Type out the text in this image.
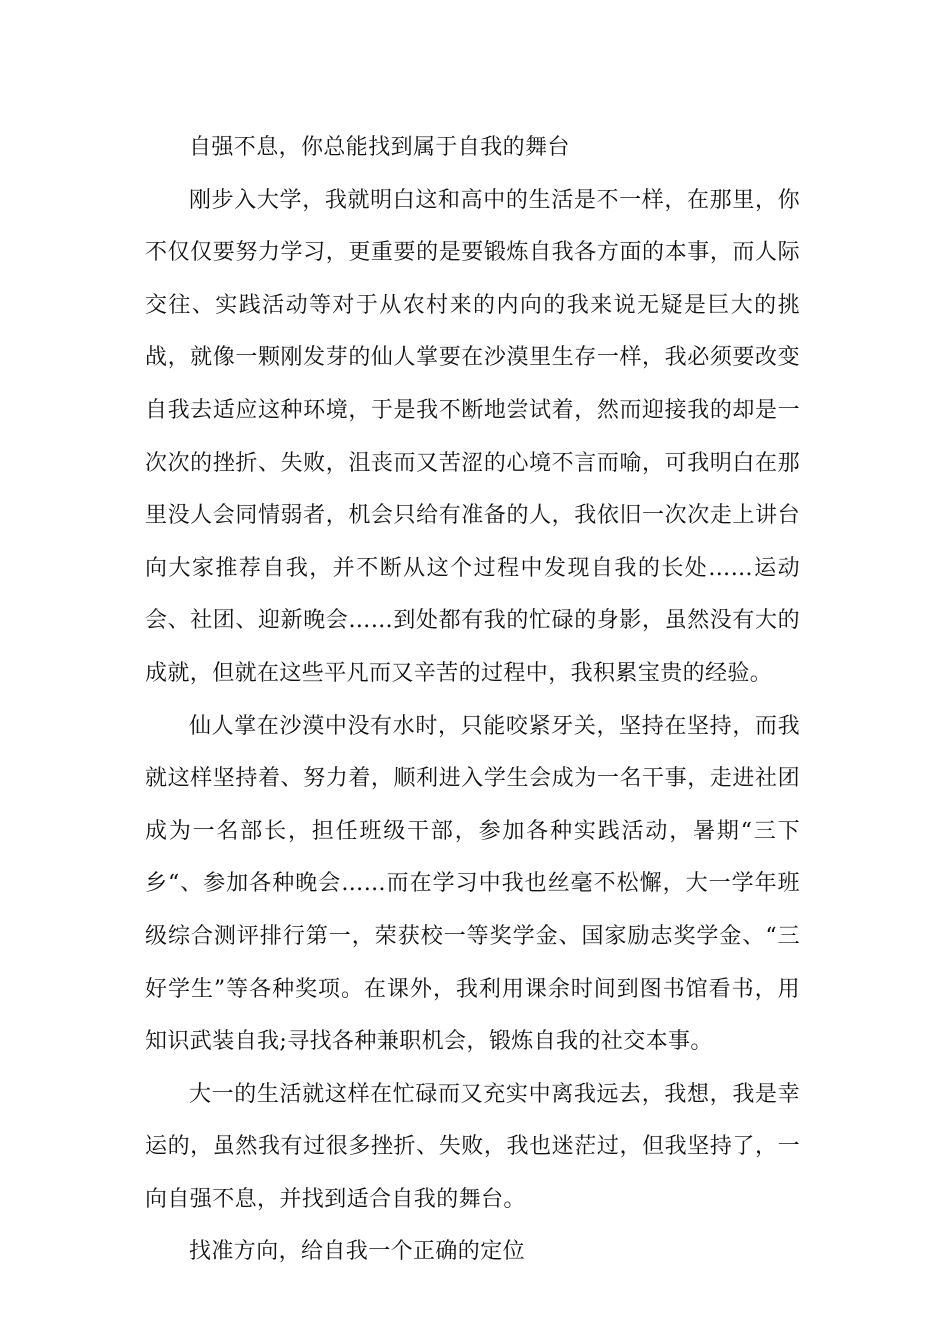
自强不息，你总能找到属于自我的舞台

刚步入大学，我就明白这和高中的生活是不一样，在那里，你不仅仅要努力学习，更重要的是要锻炼自我各方面的本事，而人际交往、实践活动等对于从农村来的内向的我来说无疑是巨大的挑战，就像一颗刚发芽的仙人掌要在沙漠里生存一样，我必须要改变自我去适应这种环境，于是我不断地尝试着，然而迎接我的却是一次次的挫折、失败，沮丧而又苦涩的心境不言而喻，可我明白在那里没人会同情弱者，机会只给有准备的人，我依旧一次次走上讲台向大家推荐自我，并不断从这个过程中发现自我的长处……运动会、社团、迎新晚会……到处都有我的忙碌的身影，虽然没有大的成就，但就在这些平凡而又辛苦的过程中，我积累宝贵的经验。

仙人掌在沙漠中没有水时，只能咬紧牙关，坚持在坚持，而我就这样坚持着、努力着，顺利进入学生会成为一名干事，走进社团成为一名部长，担任班级干部，参加各种实践活动，暑期“三下乡“、参加各种晚会……而在学习中我也丝毫不松懈，大一学年班级综合测评排行第一，荣获校一等奖学金、国家励志奖学金、“三好学生”等各种奖项。在课外，我利用课余时间到图书馆看书，用知识武装自我;寻找各种兼职机会，锻炼自我的社交本事。

大一的生活就这样在忙碌而又充实中离我远去，我想，我是幸运的，虽然我有过很多挫折、失败，我也迷茫过，但我坚持了，一向自强不息，并找到适合自我的舞台。

找准方向，给自我一个正确的定位
